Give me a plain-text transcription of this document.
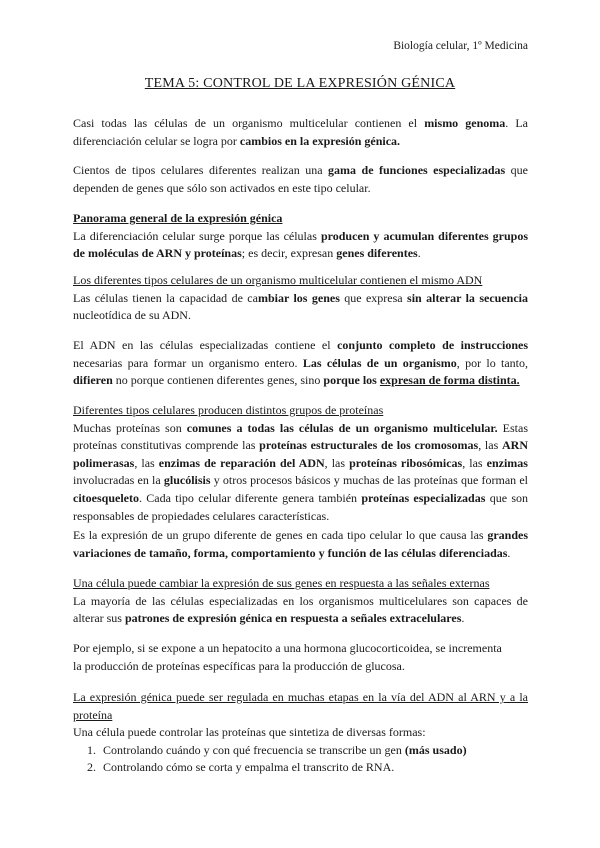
Biología celular, 1º Medicina
TEMA 5: CONTROL DE LA EXPRESIÓN GÉNICA
Casi todas las células de un organismo multicelular contienen el mismo genoma. La diferenciación celular se logra por cambios en la expresión génica.
Cientos de tipos celulares diferentes realizan una gama de funciones especializadas que dependen de genes que sólo son activados en este tipo celular.
Panorama general de la expresión génica
La diferenciación celular surge porque las células producen y acumulan diferentes grupos de moléculas de ARN y proteínas; es decir, expresan genes diferentes.
Los diferentes tipos celulares de un organismo multicelular contienen el mismo ADN
Las células tienen la capacidad de cambiar los genes que expresa sin alterar la secuencia nucleotídica de su ADN.
El ADN en las células especializadas contiene el conjunto completo de instrucciones necesarias para formar un organismo entero. Las células de un organismo, por lo tanto, difieren no porque contienen diferentes genes, sino porque los expresan de forma distinta.
Diferentes tipos celulares producen distintos grupos de proteínas
Muchas proteínas son comunes a todas las células de un organismo multicelular. Estas proteínas constitutivas comprende las proteínas estructurales de los cromosomas, las ARN polimerasas, las enzimas de reparación del ADN, las proteínas ribosómicas, las enzimas involucradas en la glucólisis y otros procesos básicos y muchas de las proteínas que forman el citoesqueleto. Cada tipo celular diferente genera también proteínas especializadas que son responsables de propiedades celulares características.
Es la expresión de un grupo diferente de genes en cada tipo celular lo que causa las grandes variaciones de tamaño, forma, comportamiento y función de las células diferenciadas.
Una célula puede cambiar la expresión de sus genes en respuesta a las señales externas
La mayoría de las células especializadas en los organismos multicelulares son capaces de alterar sus patrones de expresión génica en respuesta a señales extracelulares.
Por ejemplo, si se expone a un hepatocito a una hormona glucocorticoidea, se incrementa
la producción de proteínas específicas para la producción de glucosa.
La expresión génica puede ser regulada en muchas etapas en la vía del ADN al ARN y a la proteína
Una célula puede controlar las proteínas que sintetiza de diversas formas:
1. Controlando cuándo y con qué frecuencia se transcribe un gen (más usado)
2. Controlando cómo se corta y empalma el transcrito de RNA.
